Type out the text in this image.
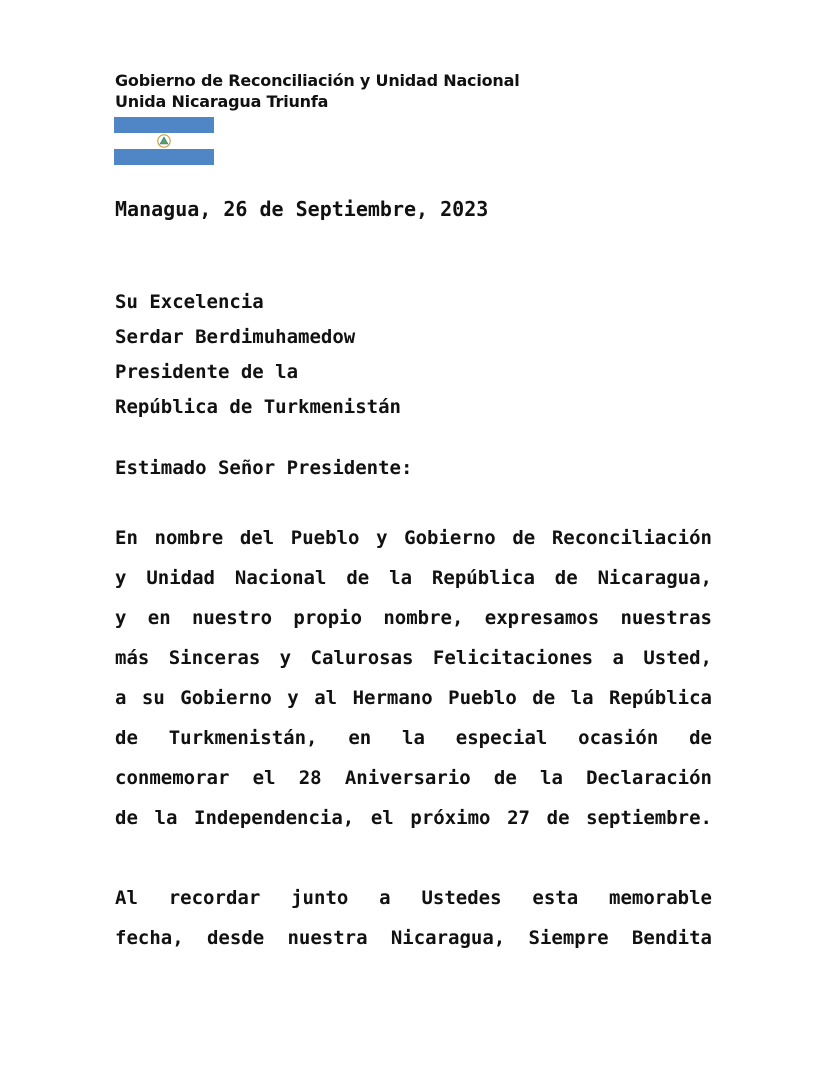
Gobierno de Reconciliación y Unidad Nacional
Unida Nicaragua Triunfa
Managua, 26 de Septiembre, 2023
Su Excelencia
Serdar Berdimuhamedow
Presidente de la
República de Turkmenistán
Estimado Señor Presidente:
En nombre del Pueblo y Gobierno de Reconciliación
y Unidad Nacional de la República de Nicaragua,
y en nuestro propio nombre, expresamos nuestras
más Sinceras y Calurosas Felicitaciones a Usted,
a su Gobierno y al Hermano Pueblo de la República
de Turkmenistán, en la especial ocasión de
conmemorar el 28 Aniversario de la Declaración
de la Independencia, el próximo 27 de septiembre.
Al recordar junto a Ustedes esta memorable
fecha, desde nuestra Nicaragua, Siempre Bendita
